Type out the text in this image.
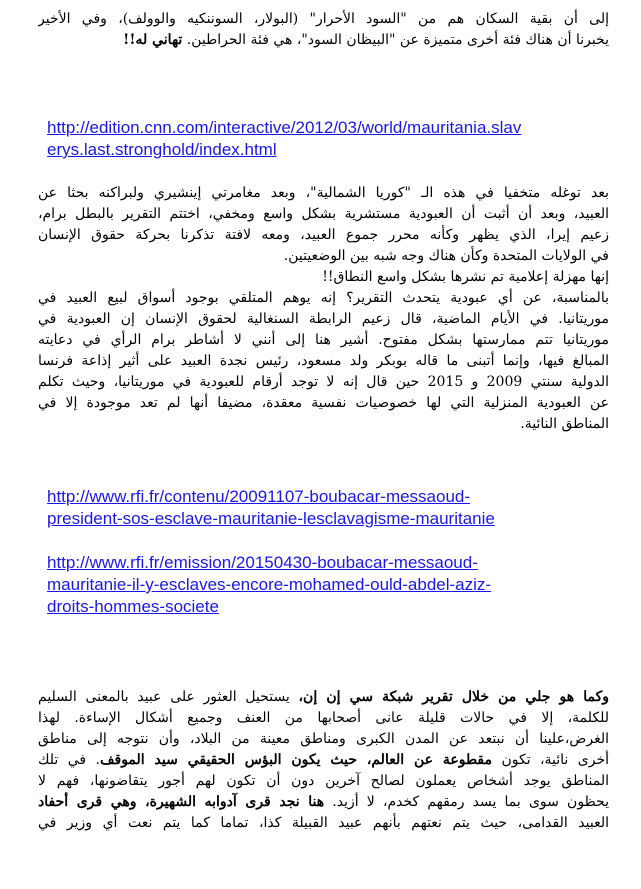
إلى أن بقية السكان هم من "السود الأحرار" (البولار، السوننكيه والوولف)، وفي الأخير
يخبرنا أن هناك فئة أخرى متميزة عن "البيظان السود"، هي فئة الحراطين. تهاني له!!
http://edition.cnn.com/interactive/2012/03/world/mauritania.slav
erys.last.stronghold/index.html
بعد توغله متخفيا في هذه الـ "كوريا الشمالية"، وبعد مغامرتي إينشيري ولبراكنه بحثا عن
العبيد، وبعد أن أثبت أن العبودية مستشرية بشكل واسع ومخفي، اختتم التقرير بالبطل برام،
زعيم إيرا، الذي يظهر وكأنه محرر جموع العبيد، ومعه لافتة تذكرنا بحركة حقوق الإنسان
في الولايات المتحدة وكأن هناك وجه شبه بين الوضعيتين.
إنها مهزلة إعلامية تم نشرها بشكل واسع النطاق!!
بالمناسبة، عن أي عبودية يتحدث التقرير؟ إنه يوهم المتلقي بوجود أسواق لبيع العبيد في
موريتانيا. في الأيام الماضية، قال زعيم الرابطة السنغالية لحقوق الإنسان إن العبودية في
موريتانيا تتم ممارستها بشكل مفتوح. أشير هنا إلى أنني لا أشاطر برام الرأي في دعايته
المبالغ فيها، وإنما أتبنى ما قاله بوبكر ولد مسعود، رئيس نجدة العبيد على أثير إذاعة فرنسا
الدولية سنتي 2009 و 2015 حين قال إنه لا توجد أرقام للعبودية في موريتانيا، وحيث تكلم
عن العبودية المنزلية التي لها خصوصيات نفسية معقدة، مضيفا أنها لم تعد موجودة إلا في
المناطق النائية.
http://www.rfi.fr/contenu/20091107-boubacar-messaoud-
president-sos-esclave-mauritanie-lesclavagisme-mauritanie
http://www.rfi.fr/emission/20150430-boubacar-messaoud-
mauritanie-il-y-esclaves-encore-mohamed-ould-abdel-aziz-
droits-hommes-societe
وكما هو جلي من خلال تقرير شبكة سي إن إن، يستحيل العثور على عبيد بالمعنى السليم
للكلمة، إلا في حالات قليلة عانى أصحابها من العنف وجميع أشكال الإساءة. لهذا
الغرض،علينا أن نبتعد عن المدن الكبرى ومناطق معينة من البلاد، وأن نتوجه إلى مناطق
أخرى نائية، تكون مقطوعة عن العالم، حيث يكون البؤس الحقيقي سيد الموقف. في تلك
المناطق يوجد أشخاص يعملون لصالح آخرين دون أن تكون لهم أجور يتقاضونها، فهم لا
يحظون سوى بما يسد رمقهم كخدم، لا أزيد. هنا نجد قرى آدوابه الشهيرة، وهي قرى أحفاد
العبيد القدامى، حيث يتم نعتهم بأنهم عبيد القبيلة كذا، تماما كما يتم نعت أي وزير في
